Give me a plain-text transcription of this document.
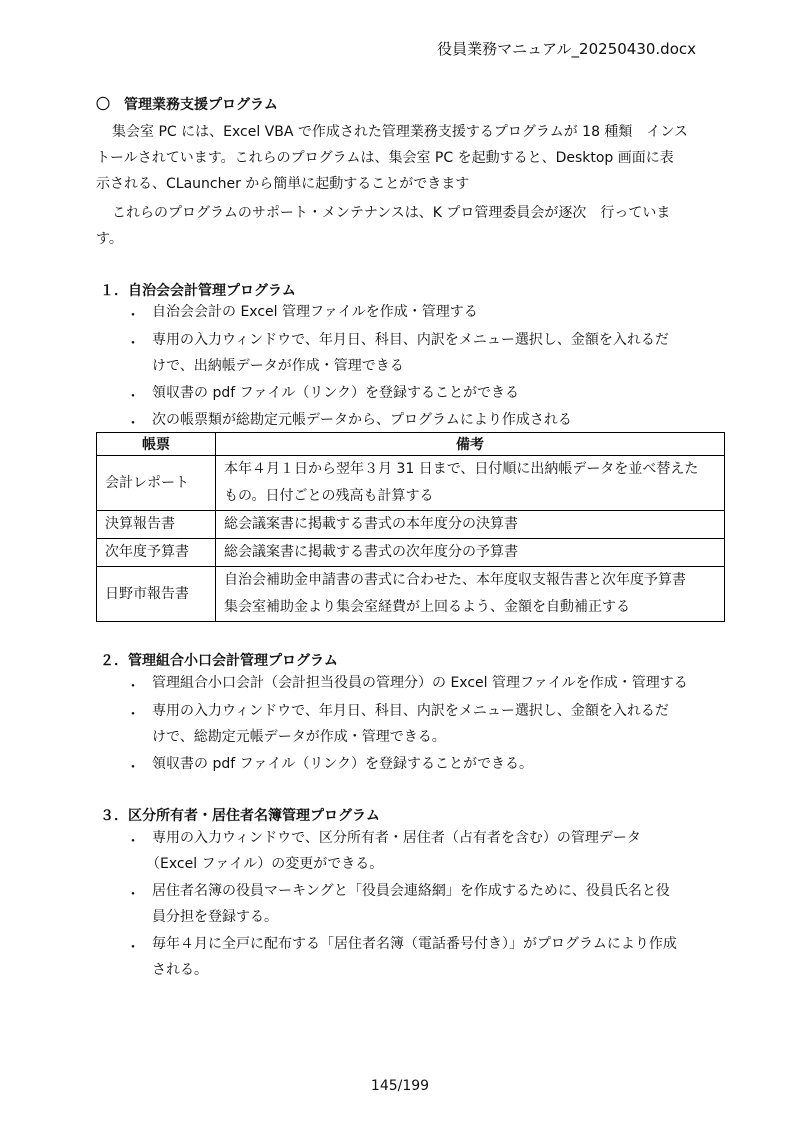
役員業務マニュアル_20250430.docx
〇　管理業務支援プログラム
集会室 PC には、Excel VBA で作成された管理業務支援するプログラムが 18 種類　インス
トールされています。これらのプログラムは、集会室 PC を起動すると、Desktop 画面に表
示される、CLauncher から簡単に起動することができます
これらのプログラムのサポート・メンテナンスは、K プロ管理委員会が逐次　行っていま
す。
１．自治会会計管理プログラム
・ 自治会会計の Excel 管理ファイルを作成・管理する
・ 専用の入力ウィンドウで、年月日、科目、内訳をメニュー選択し、金額を入れるだ
けで、出納帳データが作成・管理できる
・ 領収書の pdf ファイル（リンク）を登録することができる
・ 次の帳票類が総勘定元帳データから、プログラムにより作成される
帳票	備考
会計レポート	本年４月１日から翌年３月 31 日まで、日付順に出納帳データを並べ替えた
もの。日付ごとの残高も計算する

決算報告書	総会議案書に掲載する書式の本年度分の決算書
次年度予算書	総会議案書に掲載する書式の次年度分の予算書
日野市報告書	自治会補助金申請書の書式に合わせた、本年度収支報告書と次年度予算書
集会室補助金より集会室経費が上回るよう、金額を自動補正する
２．管理組合小口会計管理プログラム
・ 管理組合小口会計（会計担当役員の管理分）の Excel 管理ファイルを作成・管理する
・ 専用の入力ウィンドウで、年月日、科目、内訳をメニュー選択し、金額を入れるだ
けで、総勘定元帳データが作成・管理できる。
・ 領収書の pdf ファイル（リンク）を登録することができる。
３．区分所有者・居住者名簿管理プログラム
・ 専用の入力ウィンドウで、区分所有者・居住者（占有者を含む）の管理データ
（Excel ファイル）の変更ができる。
・ 居住者名簿の役員マーキングと「役員会連絡網」を作成するために、役員氏名と役
員分担を登録する。
・ 毎年４月に全戸に配布する「居住者名簿（電話番号付き）」がプログラムにより作成
される。
145/199
